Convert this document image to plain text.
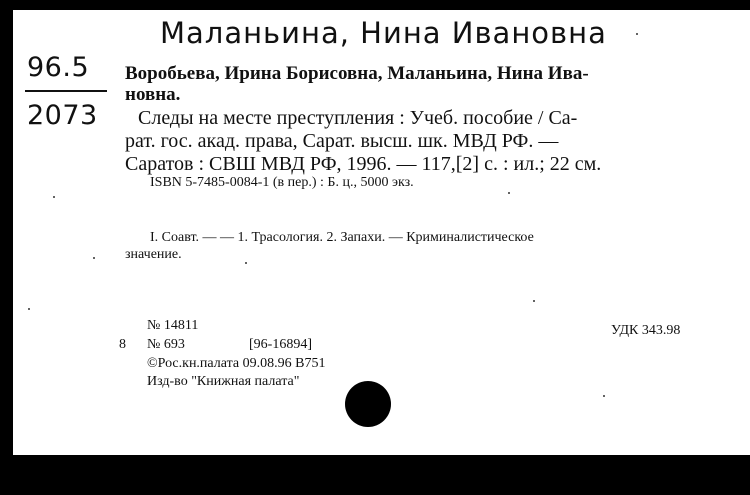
Маланьина, Нина Ивановна
96.5
2073
Воробьева, Ирина Борисовна, Маланьина, Нина Ива-
новна.
Следы на месте преступления : Учеб. пособие / Са-
рат. гос. акад. права, Сарат. высш. шк. МВД РФ. —
Саратов : СВШ МВД РФ, 1996. — 117,[2] с. : ил.; 22 см.
ISBN 5-7485-0084-1 (в пер.) : Б. ц., 5000 экз.
I. Соавт. — — 1. Трасология. 2. Запахи. — Криминалистическое
значение.
№ 14811	УДК 343.98
8 № 693	[96-16894]
©Рос.кн.палата 09.08.96 В751
Изд-во "Книжная палата"
